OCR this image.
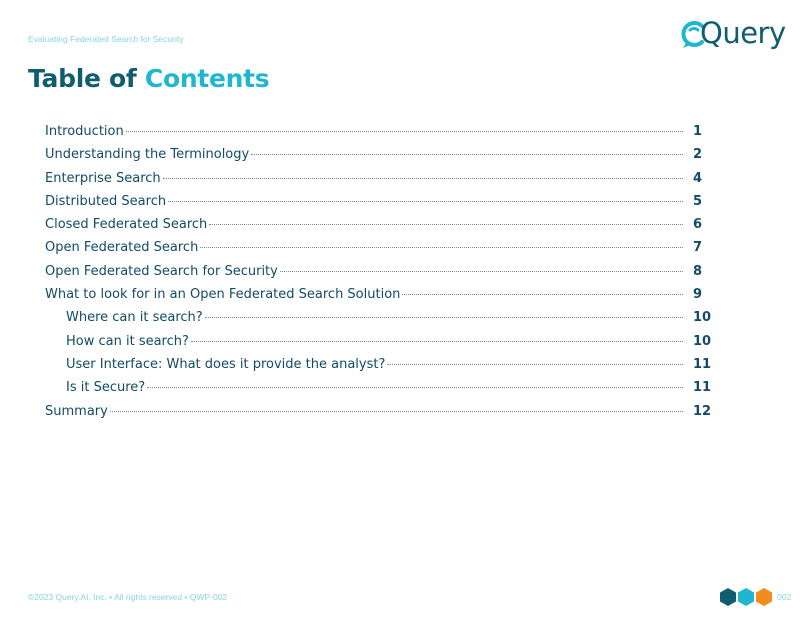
Evaluating Federated Search for Security	Query
Table of Contents
Introduction	1
Understanding the Terminology	2
Enterprise Search	4
Distributed Search	5
Closed Federated Search	6
Open Federated Search	7
Open Federated Search for Security	8
What to look for in an Open Federated Search Solution	9
Where can it search?	10
How can it search?	10
User Interface: What does it provide the analyst?	11
Is it Secure?	11
Summary	12
©2023 Query.AI, Inc. • All rights reserved • QWP-002	002
